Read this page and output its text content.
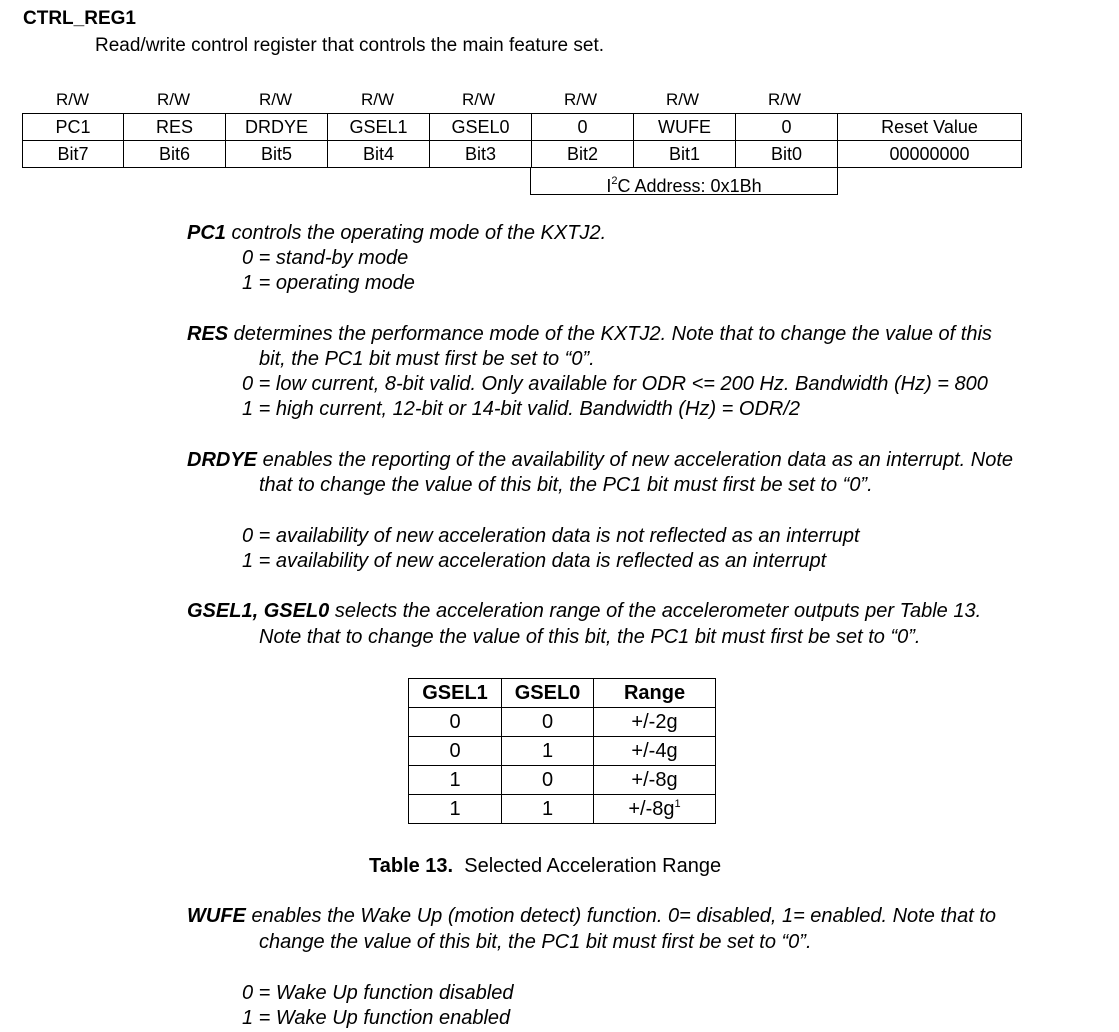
CTRL_REG1
Read/write control register that controls the main feature set.
R/W	R/W	R/W	R/W	R/W	R/W	R/W	R/W
PC1	RES	DRDYE	GSEL1	GSEL0	0	WUFE	0	Reset Value
Bit7	Bit6	Bit5	Bit4	Bit3	Bit2	Bit1	Bit0	00000000
$I^2C$ Address: 0x1Bh
PC1 controls the operating mode of the KXTJ2.
0 = stand-by mode
1 = operating mode
RES determines the performance mode of the KXTJ2. Note that to change the value of this
bit, the PC1 bit must first be set to “0”.
0 = low current, 8-bit valid. Only available for ODR <= 200 Hz. Bandwidth (Hz) = 800
1 = high current, 12-bit or 14-bit valid. Bandwidth (Hz) = ODR/2
DRDYE enables the reporting of the availability of new acceleration data as an interrupt. Note
that to change the value of this bit, the PC1 bit must first be set to “0”.
0 = availability of new acceleration data is not reflected as an interrupt
1 = availability of new acceleration data is reflected as an interrupt
GSEL1, GSEL0 selects the acceleration range of the accelerometer outputs per Table 13.
Note that to change the value of this bit, the PC1 bit must first be set to “0”.
GSEL1	GSEL0	Range
0	0	+/-2g
0	1	+/-4g
1	0	+/-8g
1	1	$+/-8g^1$
Table 13.  Selected Acceleration Range
WUFE enables the Wake Up (motion detect) function. 0= disabled, 1= enabled. Note that to
change the value of this bit, the PC1 bit must first be set to “0”.
0 = Wake Up function disabled
1 = Wake Up function enabled
